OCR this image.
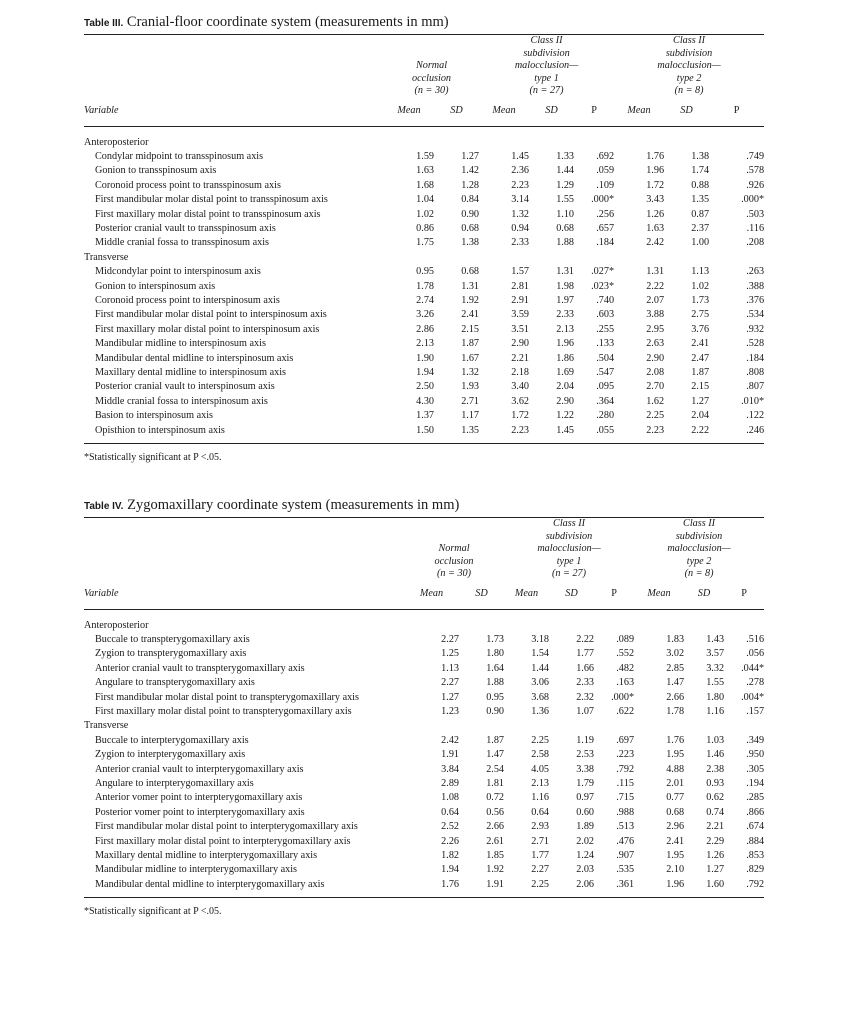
Table III. Cranial-floor coordinate system (measurements in mm)

	Normal
occlusion
(n = 30)		Class II
subdivision
malocclusion—
type 1
(n = 27)			Class II
subdivision
malocclusion—
type 2
(n = 8)		

Variable	Mean	SD	Mean	SD	P	Mean	SD	P

Anteroposterior								
Condylar midpoint to transspinosum axis	1.59	1.27	1.45	1.33	.692	1.76	1.38	.749
Gonion to transspinosum axis	1.63	1.42	2.36	1.44	.059	1.96	1.74	.578
Coronoid process point to transspinosum axis	1.68	1.28	2.23	1.29	.109	1.72	0.88	.926
First mandibular molar distal point to transspinosum axis	1.04	0.84	3.14	1.55	.000*	3.43	1.35	.000*
First maxillary molar distal point to transspinosum axis	1.02	0.90	1.32	1.10	.256	1.26	0.87	.503
Posterior cranial vault to transspinosum axis	0.86	0.68	0.94	0.68	.657	1.63	2.37	.116
Middle cranial fossa to transspinosum axis	1.75	1.38	2.33	1.88	.184	2.42	1.00	.208
Transverse								
Midcondylar point to interspinosum axis	0.95	0.68	1.57	1.31	.027*	1.31	1.13	.263
Gonion to interspinosum axis	1.78	1.31	2.81	1.98	.023*	2.22	1.02	.388
Coronoid process point to interspinosum axis	2.74	1.92	2.91	1.97	.740	2.07	1.73	.376
First mandibular molar distal point to interspinosum axis	3.26	2.41	3.59	2.33	.603	3.88	2.75	.534
First maxillary molar distal point to interspinosum axis	2.86	2.15	3.51	2.13	.255	2.95	3.76	.932
Mandibular midline to interspinosum axis	2.13	1.87	2.90	1.96	.133	2.63	2.41	.528
Mandibular dental midline to interspinosum axis	1.90	1.67	2.21	1.86	.504	2.90	2.47	.184
Maxillary dental midline to interspinosum axis	1.94	1.32	2.18	1.69	.547	2.08	1.87	.808
Posterior cranial vault to interspinosum axis	2.50	1.93	3.40	2.04	.095	2.70	2.15	.807
Middle cranial fossa to interspinosum axis	4.30	2.71	3.62	2.90	.364	1.62	1.27	.010*
Basion to interspinosum axis	1.37	1.17	1.72	1.22	.280	2.25	2.04	.122
Opisthion to interspinosum axis	1.50	1.35	2.23	1.45	.055	2.23	2.22	.246
*Statistically significant at P <.05.
Table IV. Zygomaxillary coordinate system (measurements in mm)

	Normal
occlusion
(n = 30)		Class II
subdivision
malocclusion—
type 1
(n = 27)			Class II
subdivision
malocclusion—
type 2
(n = 8)		

Variable	Mean	SD	Mean	SD	P	Mean	SD	P

Anteroposterior								
Buccale to transpterygomaxillary axis	2.27	1.73	3.18	2.22	.089	1.83	1.43	.516
Zygion to transpterygomaxillary axis	1.25	1.80	1.54	1.77	.552	3.02	3.57	.056
Anterior cranial vault to transpterygomaxillary axis	1.13	1.64	1.44	1.66	.482	2.85	3.32	.044*
Angulare to transpterygomaxillary axis	2.27	1.88	3.06	2.33	.163	1.47	1.55	.278
First mandibular molar distal point to transpterygomaxillary axis	1.27	0.95	3.68	2.32	.000*	2.66	1.80	.004*
First maxillary molar distal point to transpterygomaxillary axis	1.23	0.90	1.36	1.07	.622	1.78	1.16	.157
Transverse								
Buccale to interpterygomaxillary axis	2.42	1.87	2.25	1.19	.697	1.76	1.03	.349
Zygion to interpterygomaxillary axis	1.91	1.47	2.58	2.53	.223	1.95	1.46	.950
Anterior cranial vault to interpterygomaxillary axis	3.84	2.54	4.05	3.38	.792	4.88	2.38	.305
Angulare to interpterygomaxillary axis	2.89	1.81	2.13	1.79	.115	2.01	0.93	.194
Anterior vomer point to interpterygomaxillary axis	1.08	0.72	1.16	0.97	.715	0.77	0.62	.285
Posterior vomer point to interpterygomaxillary axis	0.64	0.56	0.64	0.60	.988	0.68	0.74	.866
First mandibular molar distal point to interpterygomaxillary axis	2.52	2.66	2.93	1.89	.513	2.96	2.21	.674
First maxillary molar distal point to interpterygomaxillary axis	2.26	2.61	2.71	2.02	.476	2.41	2.29	.884
Maxillary dental midline to interpterygomaxillary axis	1.82	1.85	1.77	1.24	.907	1.95	1.26	.853
Mandibular midline to interpterygomaxillary axis	1.94	1.92	2.27	2.03	.535	2.10	1.27	.829
Mandibular dental midline to interpterygomaxillary axis	1.76	1.91	2.25	2.06	.361	1.96	1.60	.792
*Statistically significant at P <.05.
